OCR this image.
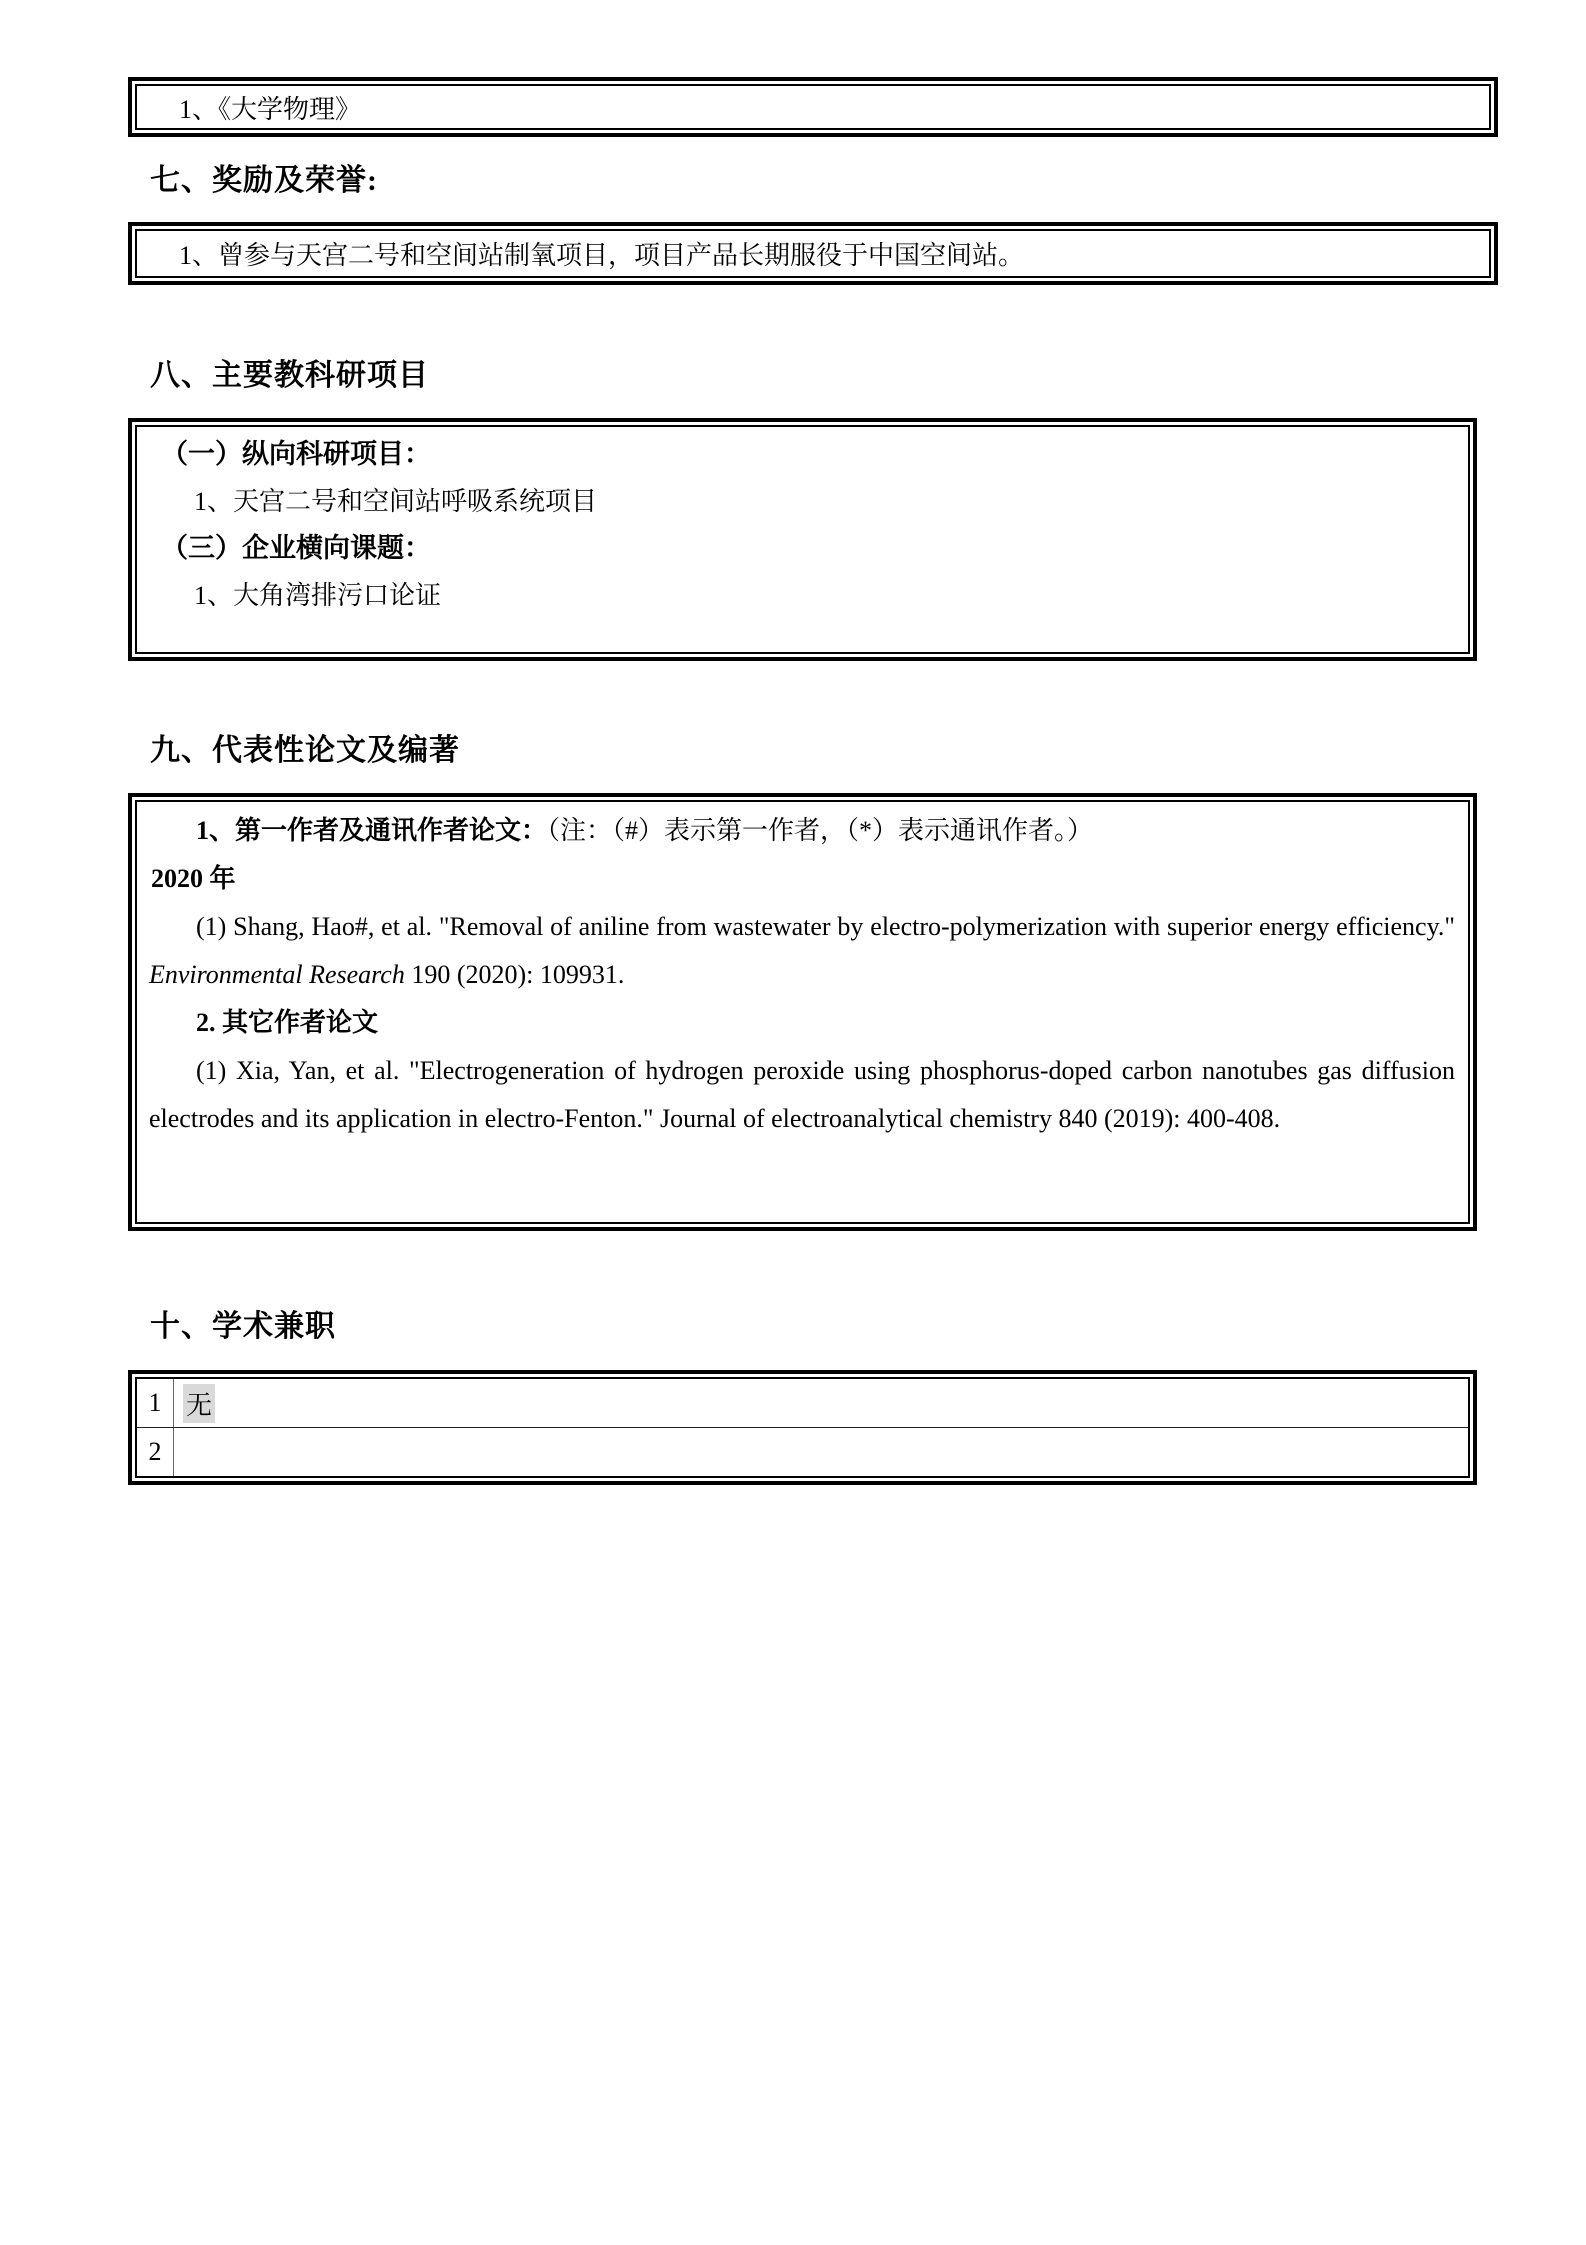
1、《大学物理》

七、奖励及荣誉:

1、曾参与天宫二号和空间站制氧项目，项目产品长期服役于中国空间站。

八、主要教科研项目

（一）纵向科研项目：

1、天宫二号和空间站呼吸系统项目

（三）企业横向课题：

1、大角湾排污口论证

九、代表性论文及编著

1、第一作者及通讯作者论文：（注：（#）表示第一作者，（*）表示通讯作者。）

2020 年

(1) Shang, Hao#, et al. "Removal of aniline from wastewater by electro-polymerization with superior energy efficiency." Environmental Research 190 (2020): 109931.

2. 其它作者论文

(1) Xia, Yan, et al. "Electrogeneration of hydrogen peroxide using phosphorus-doped carbon nanotubes gas diffusion electrodes and its application in electro-Fenton." Journal of electroanalytical chemistry 840 (2019): 400-408.

十、学术兼职
1 无
2
